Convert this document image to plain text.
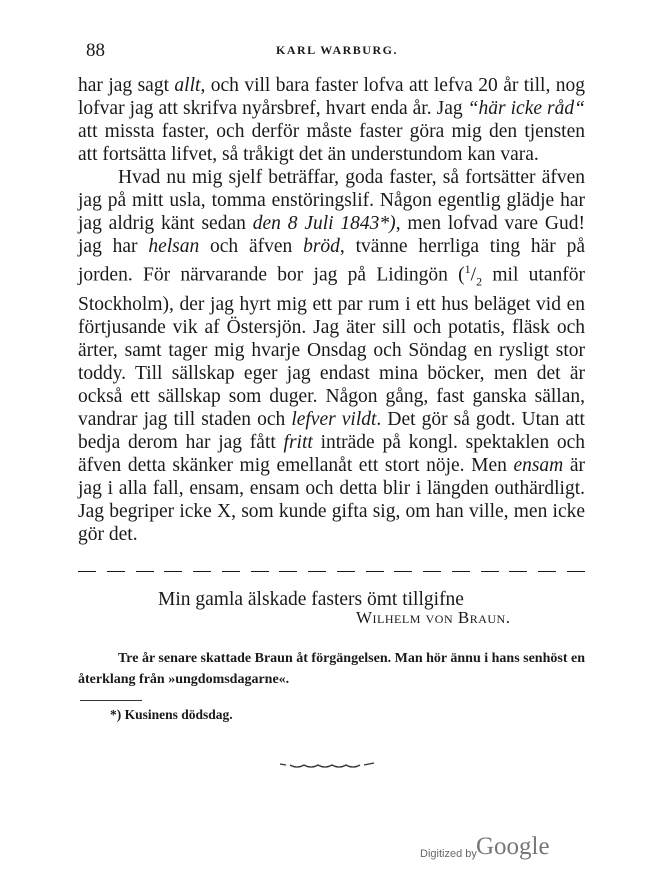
88	KARL WARBURG.

har jag sagt allt, och vill bara faster lofva att lefva 20 år till, nog lofvar jag att skrifva nyårsbref, hvart enda år. Jag “här icke råd“ att missta faster, och derför måste faster göra mig den tjensten att fortsätta lifvet, så tråkigt det än understundom kan vara.

Hvad nu mig sjelf beträffar, goda faster, så fortsätter äfven jag på mitt usla, tomma enstöringslif. Någon egentlig glädje har jag aldrig känt sedan den 8 Juli 1843*), men lofvad vare Gud! jag har helsan och äfven bröd, tvänne herrliga ting här på jorden. För närvarande bor jag på Lidingön ($^1/_2$ mil utanför Stockholm), der jag hyrt mig ett par rum i ett hus beläget vid en förtjusande vik af Östersjön. Jag äter sill och potatis, fläsk och ärter, samt tager mig hvarje Onsdag och Söndag en rysligt stor toddy. Till sällskap eger jag endast mina böcker, men det är också ett sällskap som duger. Någon gång, fast ganska sällan, vandrar jag till staden och lefver vildt. Det gör så godt. Utan att bedja derom har jag fått fritt inträde på kongl. spektaklen och äfven detta skänker mig emellanåt ett stort nöje. Men ensam är jag i alla fall, ensam, ensam och detta blir i längden outhärdligt. Jag begriper icke X, som kunde gifta sig, om han ville, men icke gör det.

Min gamla älskade fasters ömt tillgifne
Wilhelm von Braun.

Tre år senare skattade Braun åt förgängelsen. Man hör ännu i hans senhöst en återklang från »ungdomsdagarne«.

*) Kusinens dödsdag.
Digitized by Google
